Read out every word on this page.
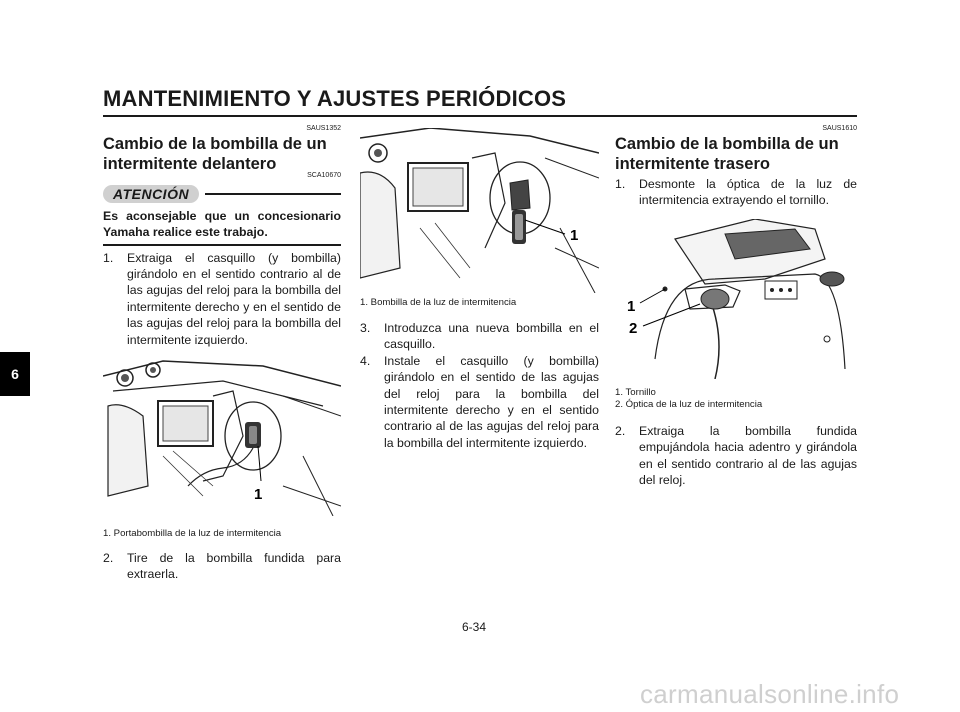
MANTENIMIENTO Y AJUSTES PERIÓDICOS
6
SAUS1352
Cambio de la bombilla de un intermitente delantero
SCA10670
ATENCIÓN
Es aconsejable que un concesionario Yamaha realice este trabajo.
1. Extraiga el casquillo (y bombilla) girándolo en el sentido contrario al de las agujas del reloj para la bombilla del intermitente derecho y en el sentido de las agujas del reloj para la bombilla del intermitente izquierdo.
1
1. Portabombilla de la luz de intermitencia
2. Tire de la bombilla fundida para extraerla.
1
1. Bombilla de la luz de intermitencia
3. Introduzca una nueva bombilla en el casquillo.
4. Instale el casquillo (y bombilla) girándolo en el sentido de las agujas del reloj para la bombilla del intermitente derecho y en el sentido contrario al de las agujas del reloj para la bombilla del intermitente izquierdo.
SAUS1610
Cambio de la bombilla de un intermitente trasero
1. Desmonte la óptica de la luz de intermitencia extrayendo el tornillo.
1
2
1. Tornillo
2. Óptica de la luz de intermitencia
2. Extraiga la bombilla fundida empujándola hacia adentro y girándola en el sentido contrario al de las agujas del reloj.
6-34
carmanualsonline.info
